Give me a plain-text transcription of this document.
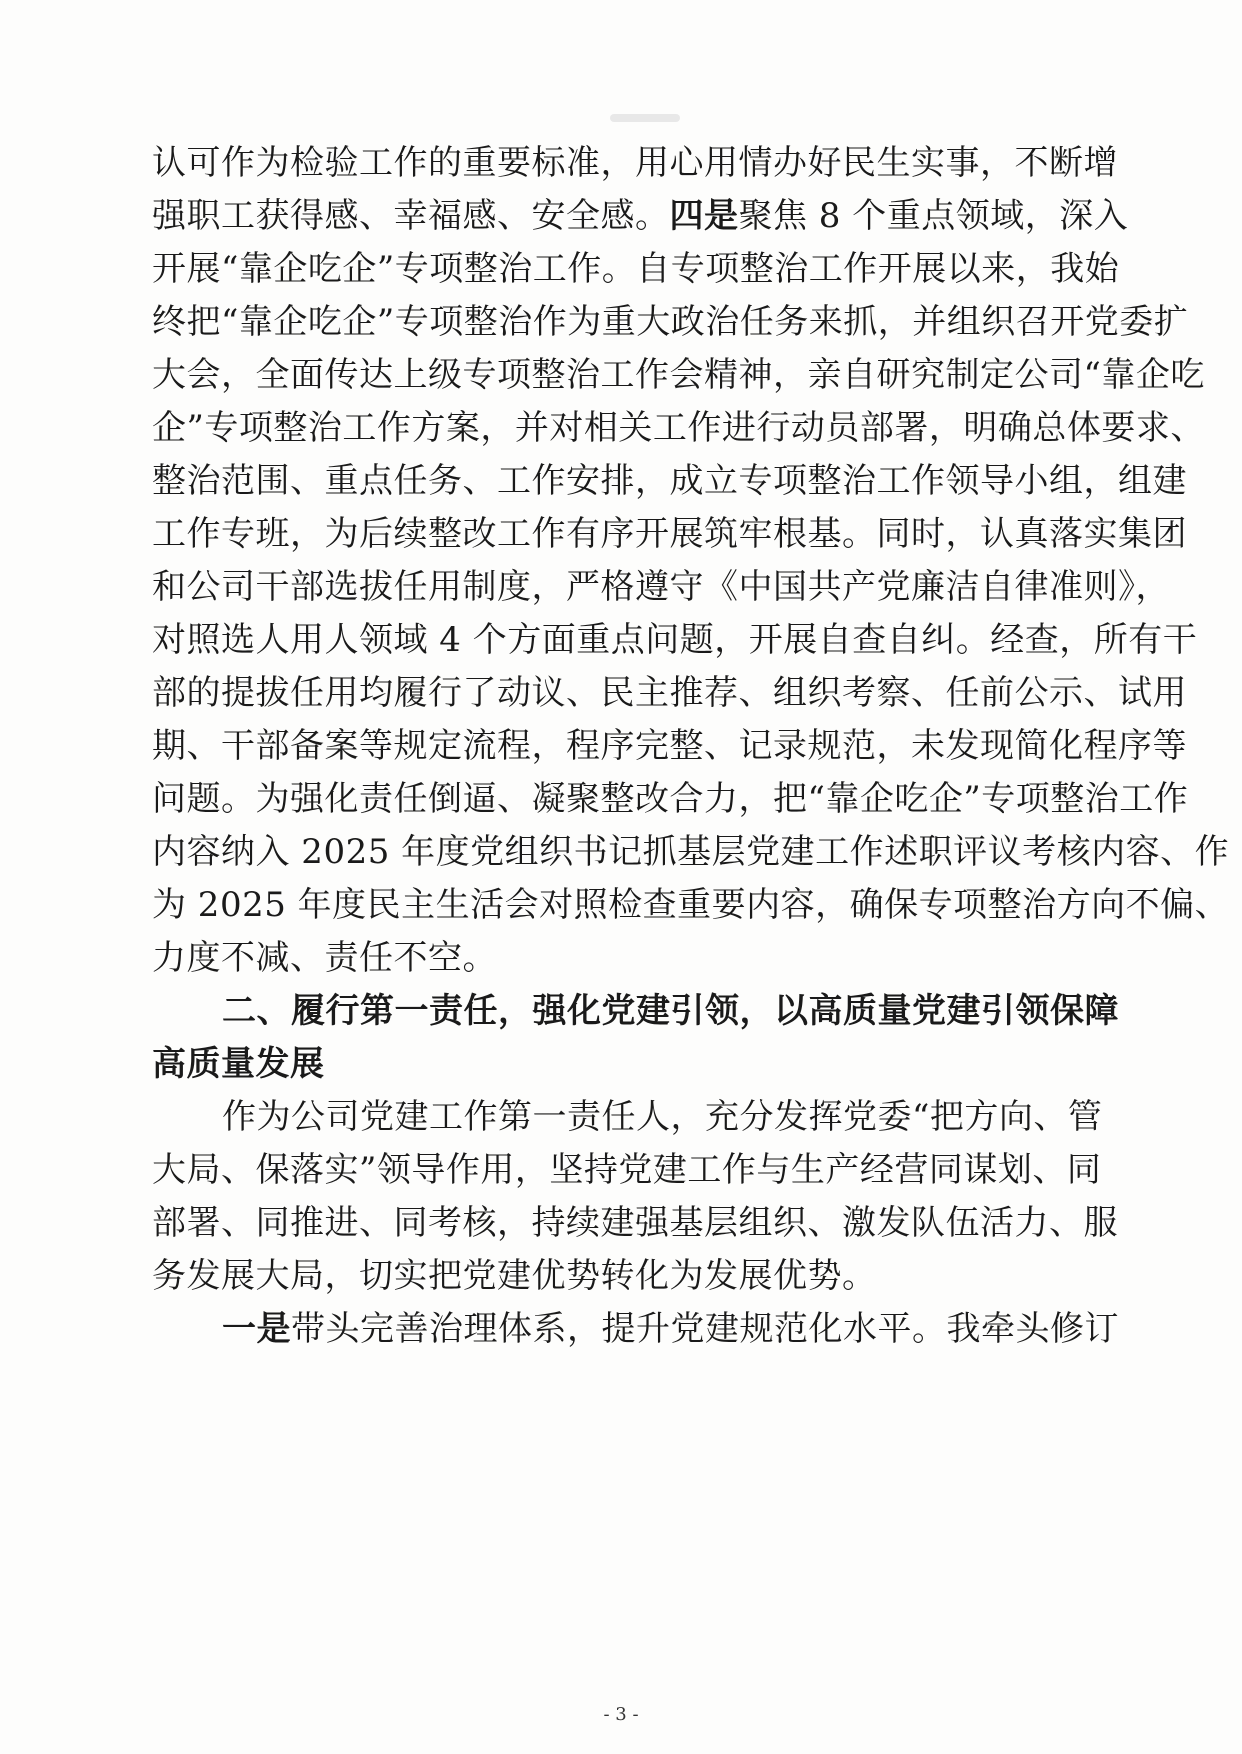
认可作为检验工作的重要标准，用心用情办好民生实事，不断增
强职工获得感、幸福感、安全感。四是聚焦 8 个重点领域，深入
开展“靠企吃企”专项整治工作。自专项整治工作开展以来，我始
终把“靠企吃企”专项整治作为重大政治任务来抓，并组织召开党委扩
大会，全面传达上级专项整治工作会精神，亲自研究制定公司“靠企吃
企”专项整治工作方案，并对相关工作进行动员部署，明确总体要求、
整治范围、重点任务、工作安排，成立专项整治工作领导小组，组建
工作专班，为后续整改工作有序开展筑牢根基。同时，认真落实集团
和公司干部选拔任用制度，严格遵守《中国共产党廉洁自律准则》，
对照选人用人领域 4 个方面重点问题，开展自查自纠。经查，所有干
部的提拔任用均履行了动议、民主推荐、组织考察、任前公示、试用
期、干部备案等规定流程，程序完整、记录规范，未发现简化程序等
问题。为强化责任倒逼、凝聚整改合力，把“靠企吃企”专项整治工作
内容纳入 2025 年度党组织书记抓基层党建工作述职评议考核内容、作
为 2025 年度民主生活会对照检查重要内容，确保专项整治方向不偏、
力度不减、责任不空。
二、履行第一责任，强化党建引领，以高质量党建引领保障
高质量发展
作为公司党建工作第一责任人，充分发挥党委“把方向、管
大局、保落实”领导作用，坚持党建工作与生产经营同谋划、同
部署、同推进、同考核，持续建强基层组织、激发队伍活力、服
务发展大局，切实把党建优势转化为发展优势。
一是带头完善治理体系，提升党建规范化水平。我牵头修订
- 3 -
